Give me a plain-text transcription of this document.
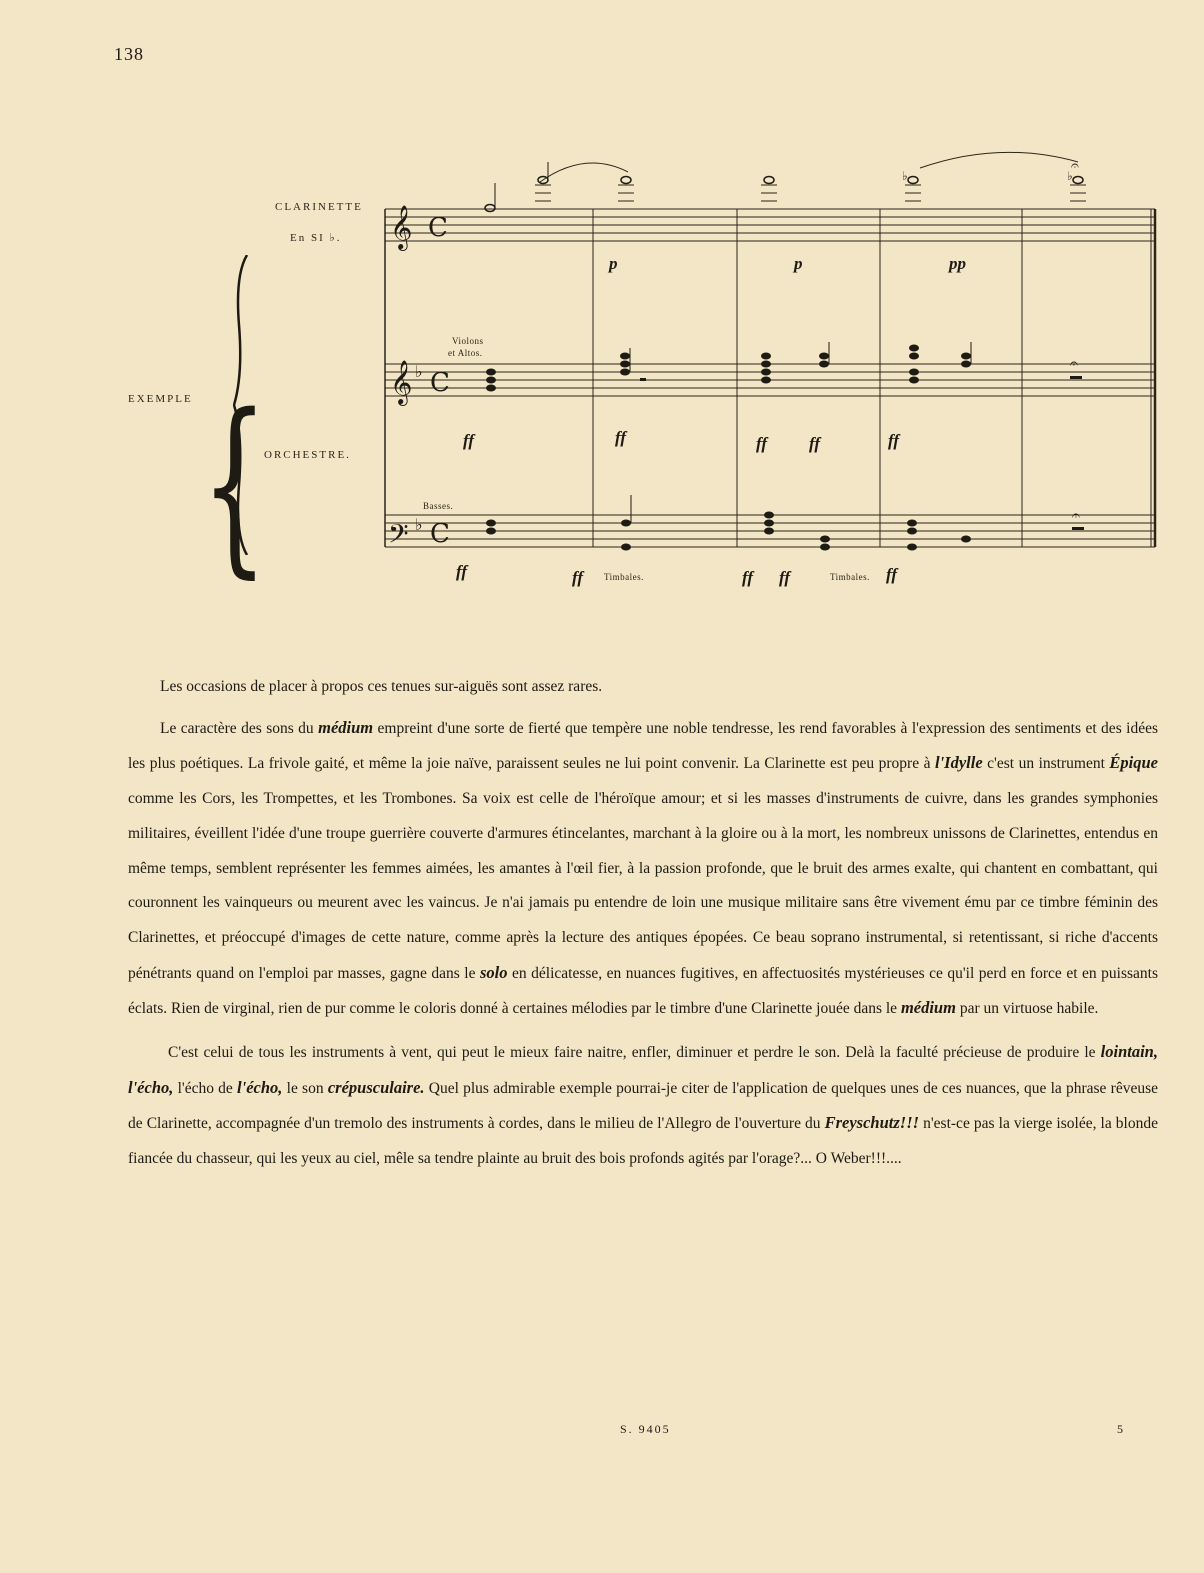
138
𝄞
𝄞
𝄢
C
C
C
♭
♭
♭	♭
𝄐
𝄐
𝄐
{
CLARINETTE
En SI ♭.
EXEMPLE
ORCHESTRE.
Violons
et Altos.
Basses.
Timbales.	Timbales.
p	p	pp
ff	ff	ff ff	ff
ff	ff	ff ff	ff

Les occasions de placer à propos ces tenues sur-aiguës sont assez rares.

Le caractère des sons du médium empreint d'une sorte de fierté que tempère une noble tendresse, les rend favorables à l'expression des sentiments et des idées les plus poétiques. La frivole gaité, et même la joie naïve, paraissent seules ne lui point convenir. La Clarinette est peu propre à l'Idylle c'est un instrument Épique comme les Cors, les Trompettes, et les Trombones. Sa voix est celle de l'héroïque amour; et si les masses d'instruments de cuivre, dans les grandes symphonies militaires, éveillent l'idée d'une troupe guerrière couverte d'armures étincelantes, marchant à la gloire ou à la mort, les nombreux unissons de Clarinettes, entendus en même temps, semblent représenter les femmes aimées, les amantes à l'œil fier, à la passion profonde, que le bruit des armes exalte, qui chantent en combattant, qui couronnent les vainqueurs ou meurent avec les vaincus. Je n'ai jamais pu entendre de loin une musique militaire sans être vivement ému par ce timbre féminin des Clarinettes, et préoccupé d'images de cette nature, comme après la lecture des antiques épopées. Ce beau soprano instrumental, si retentissant, si riche d'accents pénétrants quand on l'emploi par masses, gagne dans le solo en délicatesse, en nuances fugitives, en affectuosités mystérieuses ce qu'il perd en force et en puissants éclats. Rien de virginal, rien de pur comme le coloris donné à certaines mélodies par le timbre d'une Clarinette jouée dans le médium par un virtuose habile.

C'est celui de tous les instruments à vent, qui peut le mieux faire naitre, enfler, diminuer et perdre le son. Delà la faculté précieuse de produire le lointain, l'écho, l'écho de l'écho, le son crépusculaire. Quel plus admirable exemple pourrai-je citer de l'application de quelques unes de ces nuances, que la phrase rêveuse de Clarinette, accompagnée d'un tremolo des instruments à cordes, dans le milieu de l'Allegro de l'ouverture du Freyschutz!!! n'est-ce pas la vierge isolée, la blonde fiancée du chasseur, qui les yeux au ciel, mêle sa tendre plainte au bruit des bois profonds agités par l'orage?... O Weber!!!....

S. 9405	5
